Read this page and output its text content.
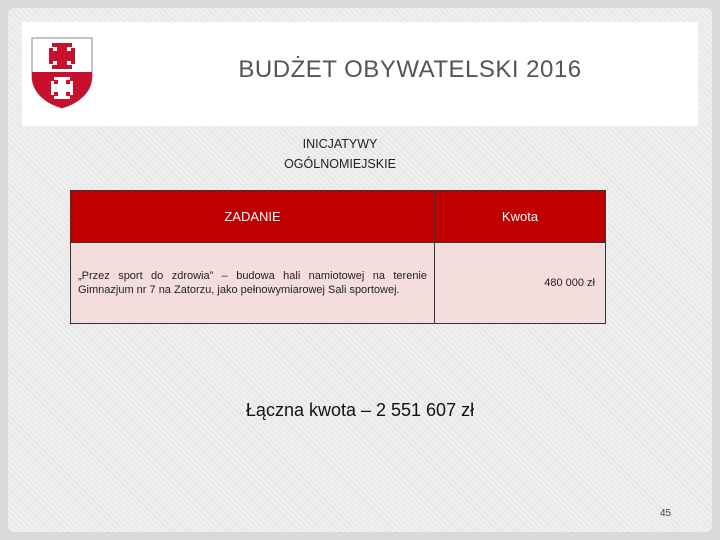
BUDŻET OBYWATELSKI 2016
INICJATYWY
OGÓLNOMIEJSKIE
ZADANIE	Kwota

„Przez sport do zdrowia” – budowa hali namiotowej na terenie Gimnazjum nr 7 na Zatorzu, jako pełnowymiarowej Sali sportowej.	480 000 zł
Łączna kwota – 2 551 607 zł
45
